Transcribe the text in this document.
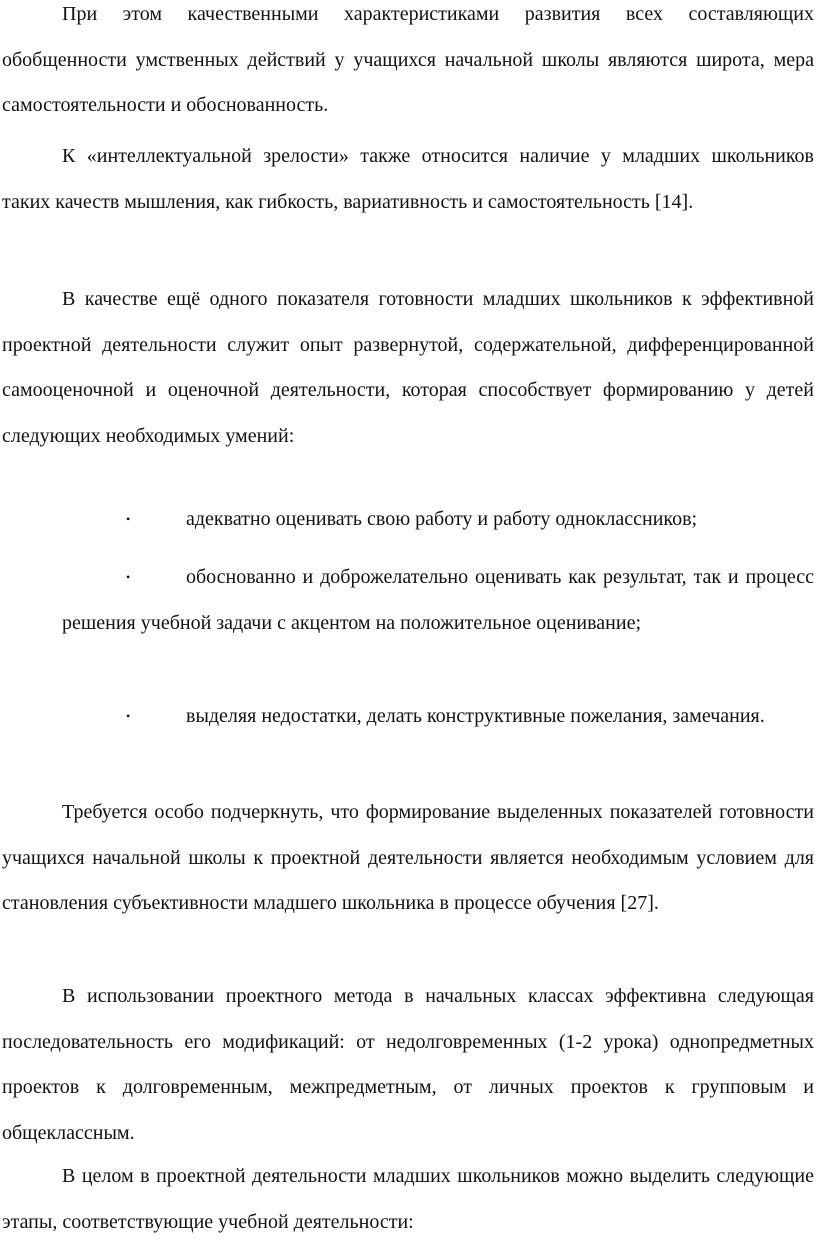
При этом качественными характеристиками развития всех составляющих обобщенности умственных действий у учащихся начальной школы являются широта, мера самостоятельности и обоснованность.

К «интеллектуальной зрелости» также относится наличие у младших школьников таких качеств мышления, как гибкость, вариативность и самостоятельность [14].

В качестве ещё одного показателя готовности младших школьников к эффективной проектной деятельности служит опыт развернутой, содержательной, дифференцированной самооценочной и оценочной деятельности, которая способствует формированию у детей следующих необходимых умений:

•	адекватно оценивать свою работу и работу одноклассников;
•	обоснованно и доброжелательно оценивать как результат, так и процесс решения учебной задачи с акцентом на положительное оценивание;
•	выделяя недостатки, делать конструктивные пожелания, замечания.

Требуется особо подчеркнуть, что формирование выделенных показателей готовности учащихся начальной школы к проектной деятельности является необходимым условием для становления субъективности младшего школьника в процессе обучения [27].

В использовании проектного метода в начальных классах эффективна следующая последовательность его модификаций: от недолговременных (1-2 урока) однопредметных проектов к долговременным, межпредметным, от личных проектов к групповым и общеклассным.

В целом в проектной деятельности младших школьников можно выделить следующие этапы, соответствующие учебной деятельности:
